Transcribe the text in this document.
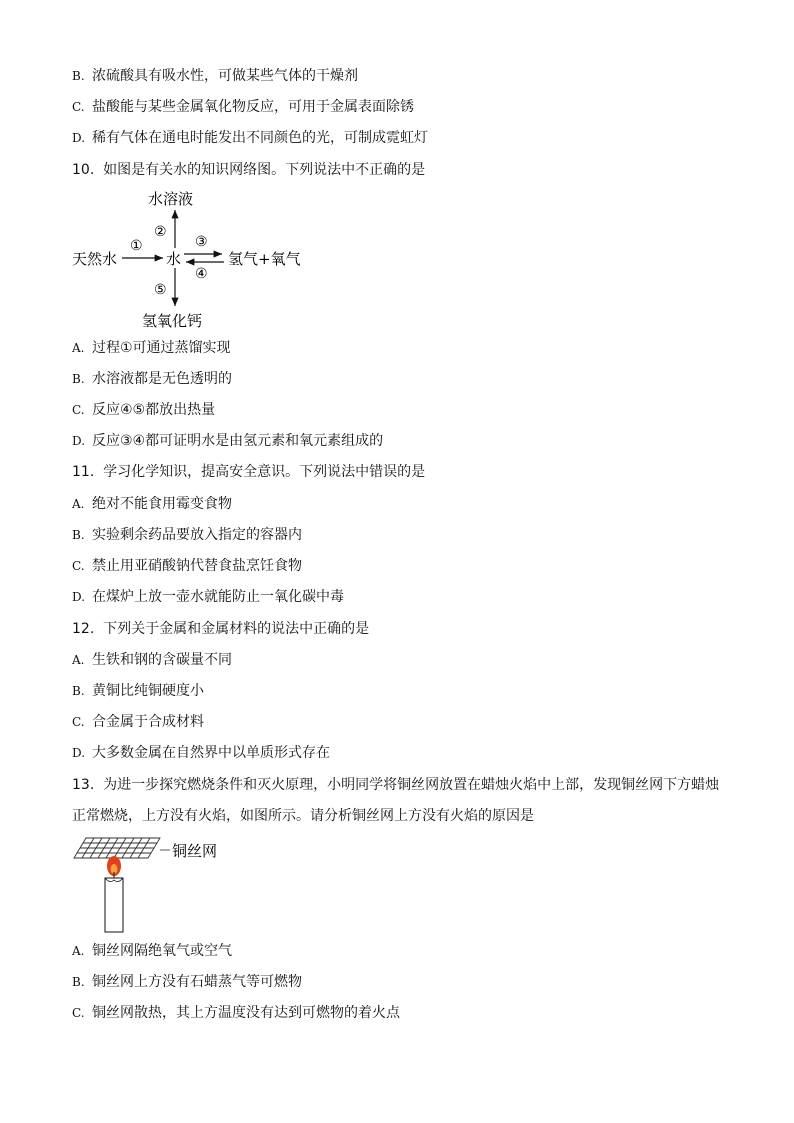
B. 浓硫酸具有吸水性，可做某些气体的干燥剂
C. 盐酸能与某些金属氧化物反应，可用于金属表面除锈
D. 稀有气体在通电时能发出不同颜色的光，可制成霓虹灯
10. 如图是有关水的知识网络图。下列说法中不正确的是
水溶液
②
天然水
①
水
③
④
氢气+氧气
⑤
氢氧化钙
A. 过程①可通过蒸馏实现
B. 水溶液都是无色透明的
C. 反应④⑤都放出热量
D. 反应③④都可证明水是由氢元素和氧元素组成的
11. 学习化学知识，提高安全意识。下列说法中错误的是
A. 绝对不能食用霉变食物
B. 实验剩余药品要放入指定的容器内
C. 禁止用亚硝酸钠代替食盐烹饪食物
D. 在煤炉上放一壶水就能防止一氧化碳中毒
12. 下列关于金属和金属材料的说法中正确的是
A. 生铁和钢的含碳量不同
B. 黄铜比纯铜硬度小
C. 合金属于合成材料
D. 大多数金属在自然界中以单质形式存在
13. 为进一步探究燃烧条件和灭火原理，小明同学将铜丝网放置在蜡烛火焰中上部，发现铜丝网下方蜡烛
正常燃烧，上方没有火焰，如图所示。请分析铜丝网上方没有火焰的原因是
铜丝网
A. 铜丝网隔绝氧气或空气
B. 铜丝网上方没有石蜡蒸气等可燃物
C. 铜丝网散热，其上方温度没有达到可燃物的着火点
